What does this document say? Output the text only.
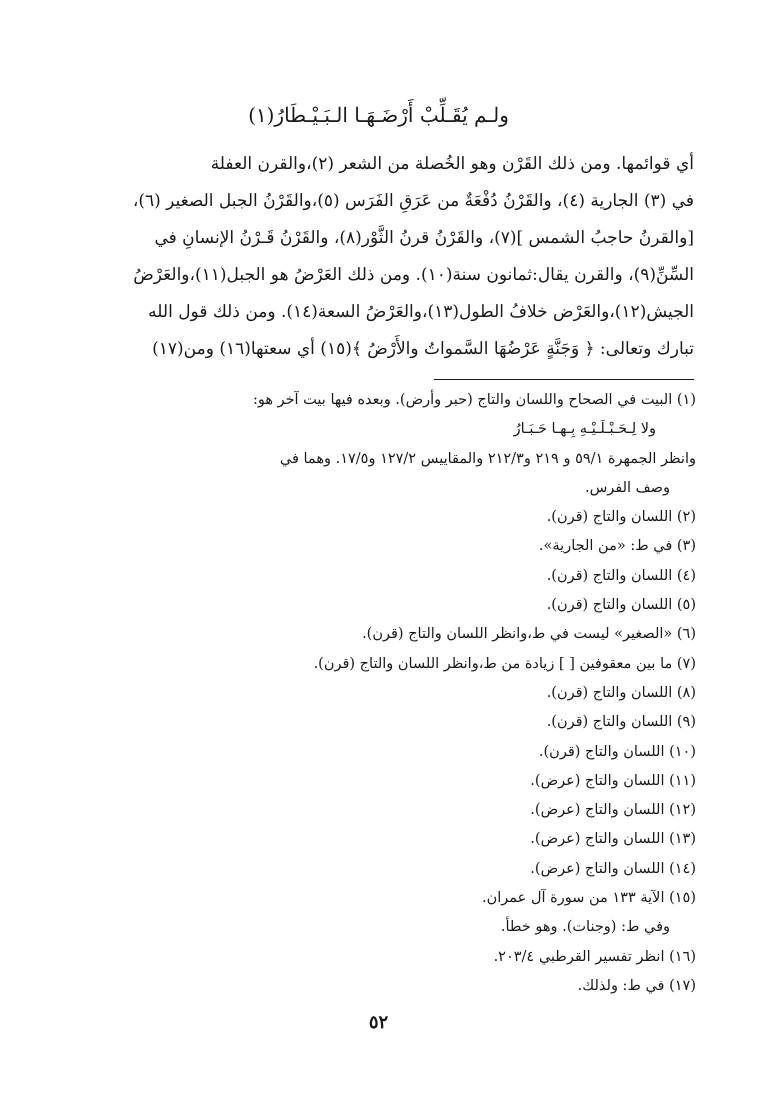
ولـم يُقَـلِّبْ أَرْضَـهَـا الـبَـيْـطَارُ(١)
أي قوائمها. ومن ذلك القَرْن وهو الخُصلة من الشعر (٢)،والقرن العفلة
في (٣) الجارية (٤)، والقَرْنُ دُفْعَةٌ من عَرَقِ الفَرَس (٥)،والقَرْنُ الجبل الصغير (٦)،
[والقرنُ حاجبُ الشمس ](٧)، والقَرْنُ قرنُ الثَّوْر(٨)، والقَرْنُ قَـرْنُ الإنسانِ في
السِّنِّ(٩)، والقرن يقال:ثمانون سنة(١٠). ومن ذلك العَرْضُ هو الجبل(١١)،والعَرْضُ
الجيش(١٢)،والعَرْض خلافُ الطول(١٣)،والعَرْضُ السعة(١٤). ومن ذلك قول الله
تبارك وتعالى: ﴿ وَجَنَّةٍ عَرْضُهَا السَّمواتُ والأَرْضُ ﴾(١٥) أي سعتها(١٦) ومن(١٧)
(١) البيت في الصحاح واللسان والتاج (حبر وأرض). وبعده فيها بيت آخر هو:
ولا لِـحَـبْـلَـيْـهِ بِـهـا حَـبَـارُ
وانظر الجمهرة ٥٩/١ و ٢١٩ و٢١٢/٣ والمقاييس ١٢٧/٢ و١٧/٥. وهما في
وصف الفرس.
(٢) اللسان والتاج (قرن).
(٣) في ط: «من الجارية».
(٤) اللسان والتاج (قرن).
(٥) اللسان والتاج (قرن).
(٦) «الصغير» ليست في ط،وانظر اللسان والتاج (قرن).
(٧) ما بين معقوفين [ ] زيادة من ط،وانظر اللسان والتاج (قرن).
(٨) اللسان والتاج (قرن).
(٩) اللسان والتاج (قرن).
(١٠) اللسان والتاج (قرن).
(١١) اللسان والتاج (عرض).
(١٢) اللسان والتاج (عرض).
(١٣) اللسان والتاج (عرض).
(١٤) اللسان والتاج (عرض).
(١٥) الآية ١٣٣ من سورة آل عمران.
وفي ط: (وجنات). وهو خطأ.
(١٦) انظر تفسير القرطبي ٢٠٣/٤.
(١٧) في ط: ولذلك.
٥٢
